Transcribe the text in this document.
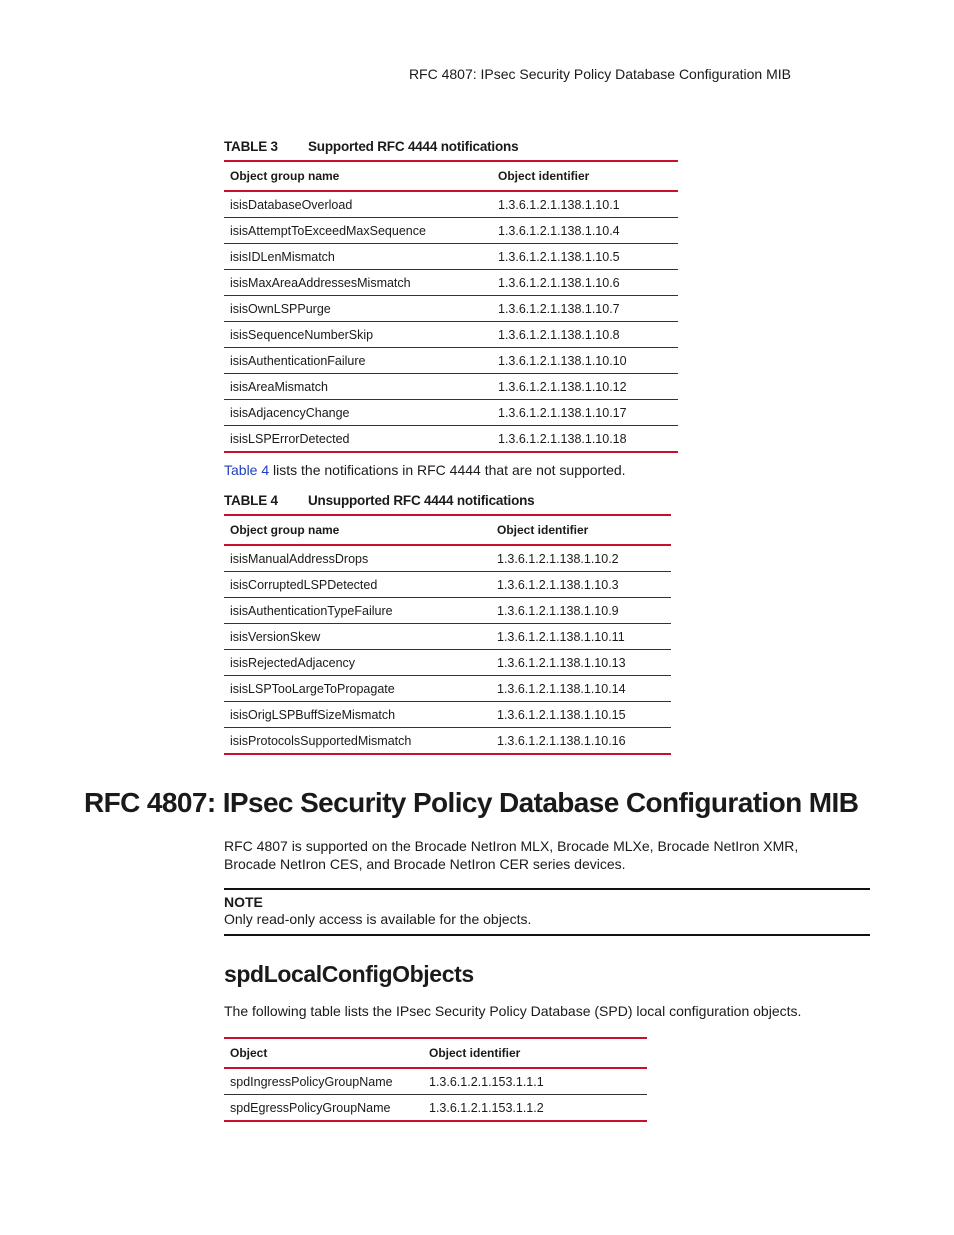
RFC 4807: IPsec Security Policy Database Configuration MIB
TABLE 3 Supported RFC 4444 notifications
Object group name	Object identifier
isisDatabaseOverload	1.3.6.1.2.1.138.1.10.1
isisAttemptToExceedMaxSequence	1.3.6.1.2.1.138.1.10.4
isisIDLenMismatch	1.3.6.1.2.1.138.1.10.5
isisMaxAreaAddressesMismatch	1.3.6.1.2.1.138.1.10.6
isisOwnLSPPurge	1.3.6.1.2.1.138.1.10.7
isisSequenceNumberSkip	1.3.6.1.2.1.138.1.10.8
isisAuthenticationFailure	1.3.6.1.2.1.138.1.10.10
isisAreaMismatch	1.3.6.1.2.1.138.1.10.12
isisAdjacencyChange	1.3.6.1.2.1.138.1.10.17
isisLSPErrorDetected	1.3.6.1.2.1.138.1.10.18
Table 4 lists the notifications in RFC 4444 that are not supported.
TABLE 4 Unsupported RFC 4444 notifications
Object group name	Object identifier
isisManualAddressDrops	1.3.6.1.2.1.138.1.10.2
isisCorruptedLSPDetected	1.3.6.1.2.1.138.1.10.3
isisAuthenticationTypeFailure	1.3.6.1.2.1.138.1.10.9
isisVersionSkew	1.3.6.1.2.1.138.1.10.11
isisRejectedAdjacency	1.3.6.1.2.1.138.1.10.13
isisLSPTooLargeToPropagate	1.3.6.1.2.1.138.1.10.14
isisOrigLSPBuffSizeMismatch	1.3.6.1.2.1.138.1.10.15
isisProtocolsSupportedMismatch	1.3.6.1.2.1.138.1.10.16
RFC 4807: IPsec Security Policy Database Configuration MIB
RFC 4807 is supported on the Brocade NetIron MLX, Brocade MLXe, Brocade NetIron XMR,
Brocade NetIron CES, and Brocade NetIron CER series devices.
NOTE
Only read-only access is available for the objects.
spdLocalConfigObjects
The following table lists the IPsec Security Policy Database (SPD) local configuration objects.
Object	Object identifier
spdIngressPolicyGroupName	1.3.6.1.2.1.153.1.1.1
spdEgressPolicyGroupName	1.3.6.1.2.1.153.1.1.2
